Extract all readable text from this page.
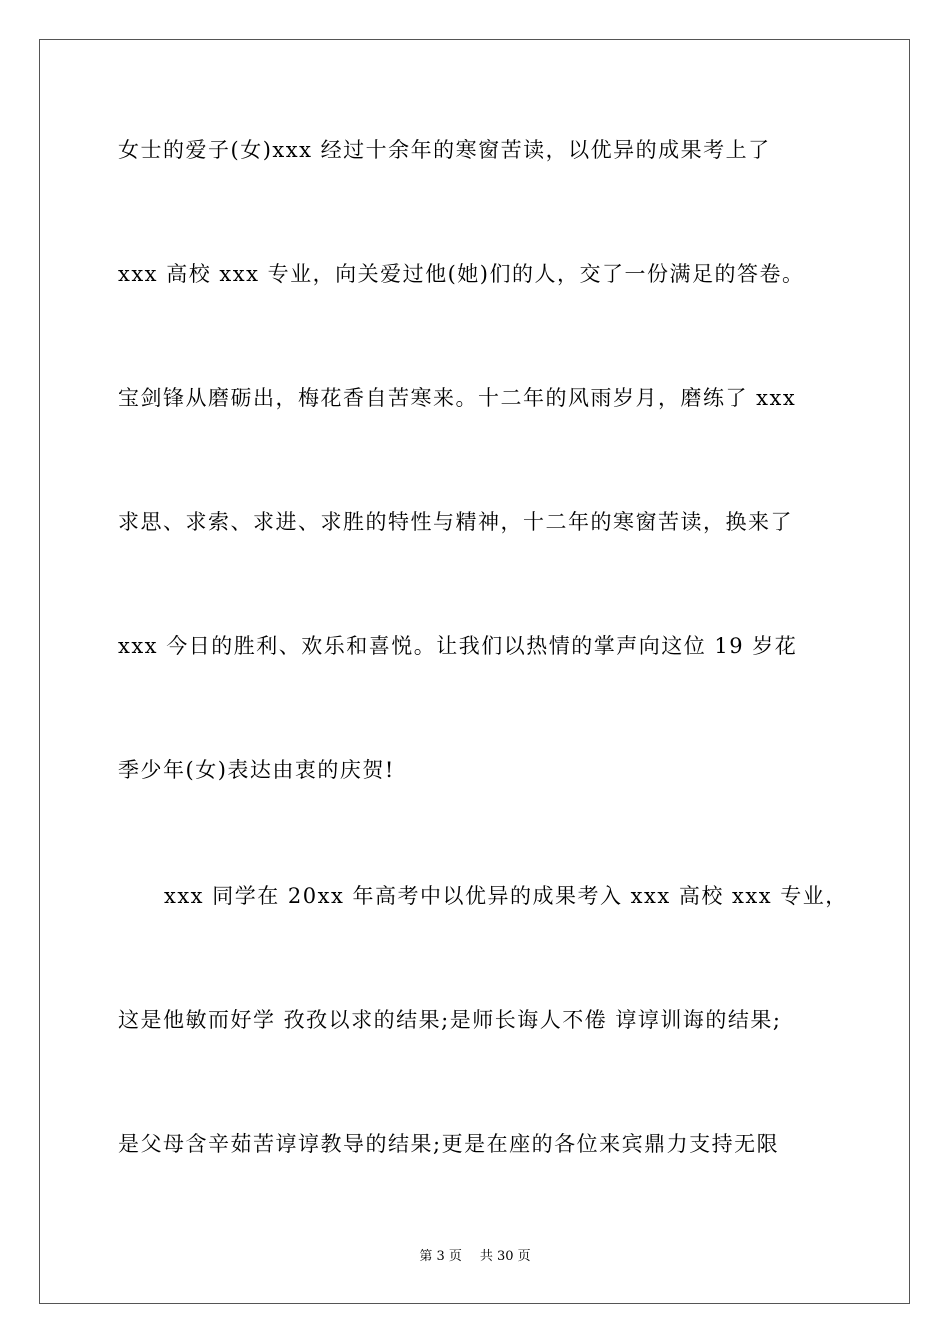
女士的爱子(女)xxx 经过十余年的寒窗苦读，以优异的成果考上了
xxx 高校 xxx 专业，向关爱过他(她)们的人，交了一份满足的答卷。
宝剑锋从磨砺出，梅花香自苦寒来。十二年的风雨岁月，磨练了 xxx
求思、求索、求进、求胜的特性与精神，十二年的寒窗苦读，换来了
xxx 今日的胜利、欢乐和喜悦。让我们以热情的掌声向这位 19 岁花
季少年(女)表达由衷的庆贺!
xxx 同学在 20xx 年高考中以优异的成果考入 xxx 高校 xxx 专业，
这是他敏而好学 孜孜以求的结果;是师长诲人不倦 谆谆训诲的结果;
是父母含辛茹苦谆谆教导的结果;更是在座的各位来宾鼎力支持无限
第 3 页 共 30 页
